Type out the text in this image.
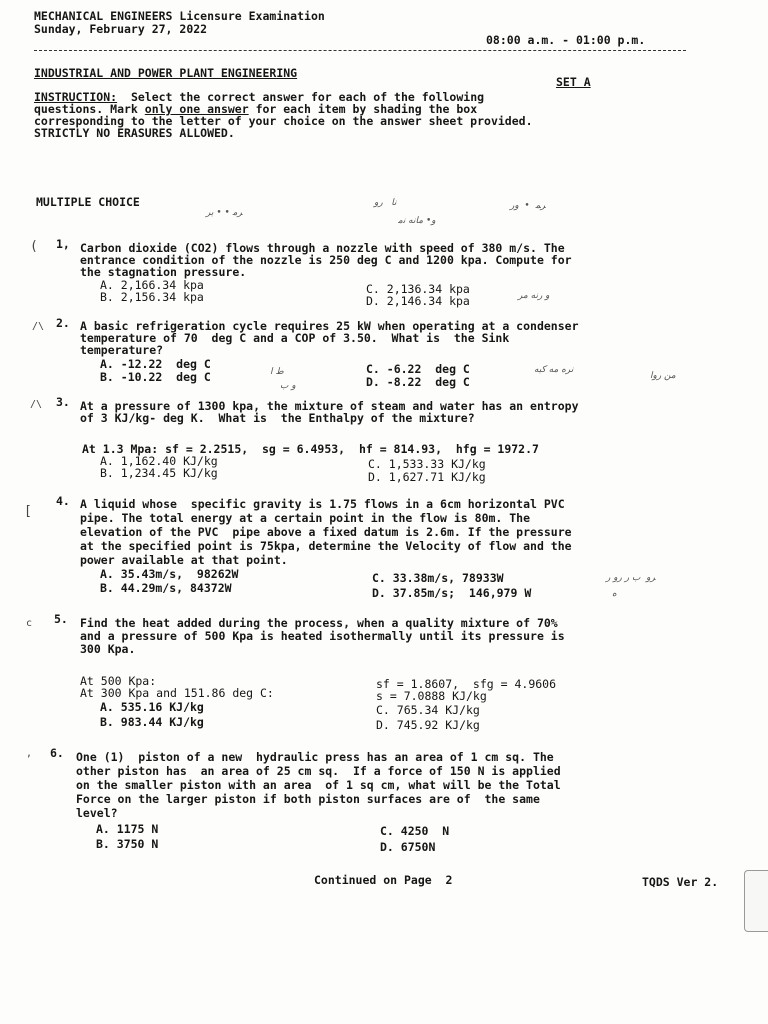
MECHANICAL ENGINEERS Licensure Examination
Sunday, February 27, 2022
08:00 a.m. - 01:00 p.m.
INDUSTRIAL AND POWER PLANT ENGINEERING
SET A
INSTRUCTION:  Select the correct answer for each of the following
questions. Mark only one answer for each item by shading the box
corresponding to the letter of your choice on the answer sheet provided.
STRICTLY NO ERASURES ALLOWED.
MULTIPLE CHOICE
ﺮﻣ • • ﺑﺮ
ﻧﺎ   ﺭﻭ
ﻭ• ﻣﺎﻧﻪ ﻧﻣ
ﺮﻤ  •  ﻭﺭ
( 1, Carbon dioxide (CO2) flows through a nozzle with speed of 380 m/s. The
entrance condition of the nozzle is 250 deg C and 1200 kpa. Compute for
the stagnation pressure.
A. 2,166.34 kpa
B. 2,156.34 kpa
C. 2,136.34 kpa
D. 2,146.34 kpa	ﻭ ﺭﻧﻪ ﻣﺮ
/\ 2. A basic refrigeration cycle requires 25 kW when operating at a condenser
temperature of 70  deg C and a COP of 3.50.  What is  the Sink
temperature?
A. -12.22  deg C
B. -10.22  deg C
C. -6.22  deg C
D. -8.22  deg C
ﻁ ﺍ
ﻭ ﺏ
ﻧﺮﻩ ﻣﻪ ﻛﺒﻪ
ﻣﻦ ﺭﻭﺍ
/\ 3. At a pressure of 1300 kpa, the mixture of steam and water has an entropy
of 3 KJ/kg- deg K.  What is  the Enthalpy of the mixture?
At 1.3 Mpa: sf = 2.2515,  sg = 6.4953,  hf = 814.93,  hfg = 1972.7
A. 1,162.40 KJ/kg
B. 1,234.45 KJ/kg
C. 1,533.33 KJ/kg
D. 1,627.71 KJ/kg
[
4. A liquid whose  specific gravity is 1.75 flows in a 6cm horizontal PVC
pipe. The total energy at a certain point in the flow is 80m. The
elevation of the PVC  pipe above a fixed datum is 2.6m. If the pressure
at the specified point is 75kpa, determine the Velocity of flow and the
power available at that point.
A. 35.43m/s,  98262W
B. 44.29m/s, 84372W
C. 33.38m/s, 78933W
D. 37.85m/s;  146,979 W
ﺮﻭ  ﺏ ﺭ ﺭﻭ ﺭ
ﻩ
c 5. Find the heat added during the process, when a quality mixture of 70%
and a pressure of 500 Kpa is heated isothermally until its pressure is
300 Kpa.
At 500 Kpa:
At 300 Kpa and 151.86 deg C:
sf = 1.8607,  sfg = 4.9606
s = 7.0888 KJ/kg
A. 535.16 KJ/kg
B. 983.44 KJ/kg
C. 765.34 KJ/kg
D. 745.92 KJ/kg
, 6. One (1)  piston of a new  hydraulic press has an area of 1 cm sq. The
other piston has  an area of 25 cm sq.  If a force of 150 N is applied
on the smaller piston with an area  of 1 sq cm, what will be the Total
Force on the larger piston if both piston surfaces are of  the same
level?
A. 1175 N
B. 3750 N
C. 4250  N
D. 6750N
Continued on Page  2	TQDS Ver 2.
